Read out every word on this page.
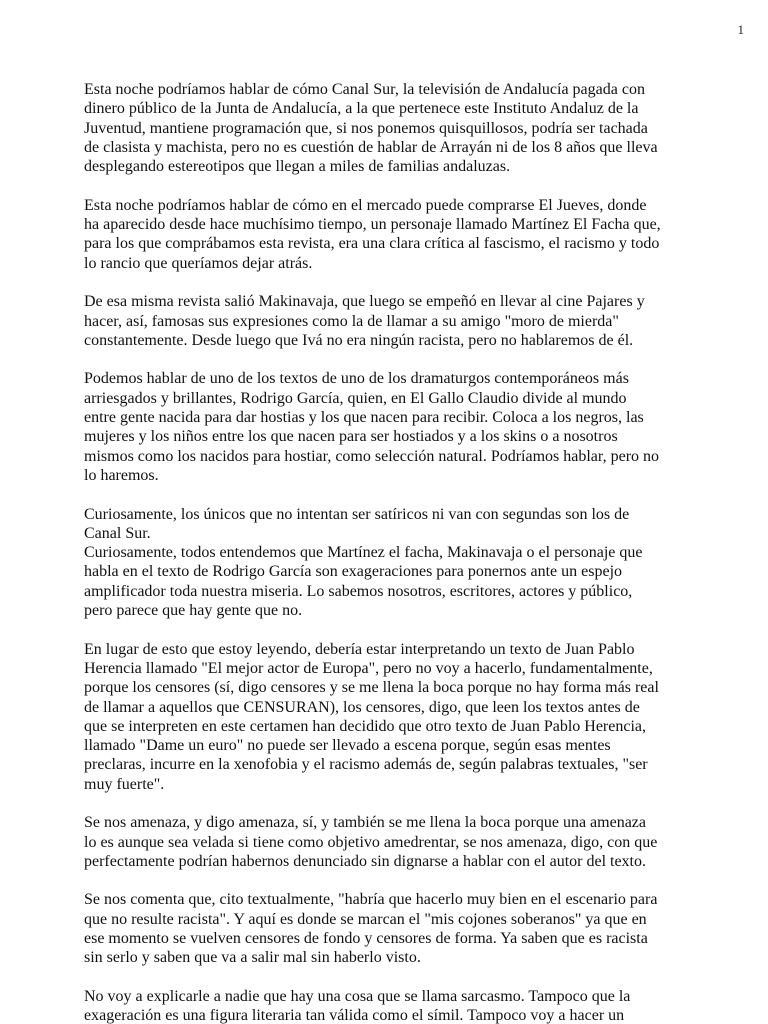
1

Esta noche podríamos hablar de cómo Canal Sur, la televisión de Andalucía pagada con
dinero público de la Junta de Andalucía, a la que pertenece este Instituto Andaluz de la
Juventud, mantiene programación que, si nos ponemos quisquillosos, podría ser tachada
de clasista y machista, pero no es cuestión de hablar de Arrayán ni de los 8 años que lleva
desplegando estereotipos que llegan a miles de familias andaluzas.

Esta noche podríamos hablar de cómo en el mercado puede comprarse El Jueves, donde
ha aparecido desde hace muchísimo tiempo, un personaje llamado Martínez El Facha que,
para los que comprábamos esta revista, era una clara crítica al fascismo, el racismo y todo
lo rancio que queríamos dejar atrás.

De esa misma revista salió Makinavaja, que luego se empeñó en llevar al cine Pajares y
hacer, así, famosas sus expresiones como la de llamar a su amigo "moro de mierda"
constantemente. Desde luego que Ivá no era ningún racista, pero no hablaremos de él.

Podemos hablar de uno de los textos de uno de los dramaturgos contemporáneos más
arriesgados y brillantes, Rodrigo García, quien, en El Gallo Claudio divide al mundo
entre gente nacida para dar hostias y los que nacen para recibir. Coloca a los negros, las
mujeres y los niños entre los que nacen para ser hostiados y a los skins o a nosotros
mismos como los nacidos para hostiar, como selección natural. Podríamos hablar, pero no
lo haremos.

Curiosamente, los únicos que no intentan ser satíricos ni van con segundas son los de
Canal Sur.
Curiosamente, todos entendemos que Martínez el facha, Makinavaja o el personaje que
habla en el texto de Rodrigo García son exageraciones para ponernos ante un espejo
amplificador toda nuestra miseria. Lo sabemos nosotros, escritores, actores y público,
pero parece que hay gente que no.

En lugar de esto que estoy leyendo, debería estar interpretando un texto de Juan Pablo
Herencia llamado "El mejor actor de Europa", pero no voy a hacerlo, fundamentalmente,
porque los censores (sí, digo censores y se me llena la boca porque no hay forma más real
de llamar a aquellos que CENSURAN), los censores, digo, que leen los textos antes de
que se interpreten en este certamen han decidido que otro texto de Juan Pablo Herencia,
llamado "Dame un euro" no puede ser llevado a escena porque, según esas mentes
preclaras, incurre en la xenofobia y el racismo además de, según palabras textuales, "ser
muy fuerte".

Se nos amenaza, y digo amenaza, sí, y también se me llena la boca porque una amenaza
lo es aunque sea velada si tiene como objetivo amedrentar, se nos amenaza, digo, con que
perfectamente podrían habernos denunciado sin dignarse a hablar con el autor del texto.

Se nos comenta que, cito textualmente, "habría que hacerlo muy bien en el escenario para
que no resulte racista". Y aquí es donde se marcan el "mis cojones soberanos" ya que en
ese momento se vuelven censores de fondo y censores de forma. Ya saben que es racista
sin serlo y saben que va a salir mal sin haberlo visto.

No voy a explicarle a nadie que hay una cosa que se llama sarcasmo. Tampoco que la
exageración es una figura literaria tan válida como el símil. Tampoco voy a hacer un
